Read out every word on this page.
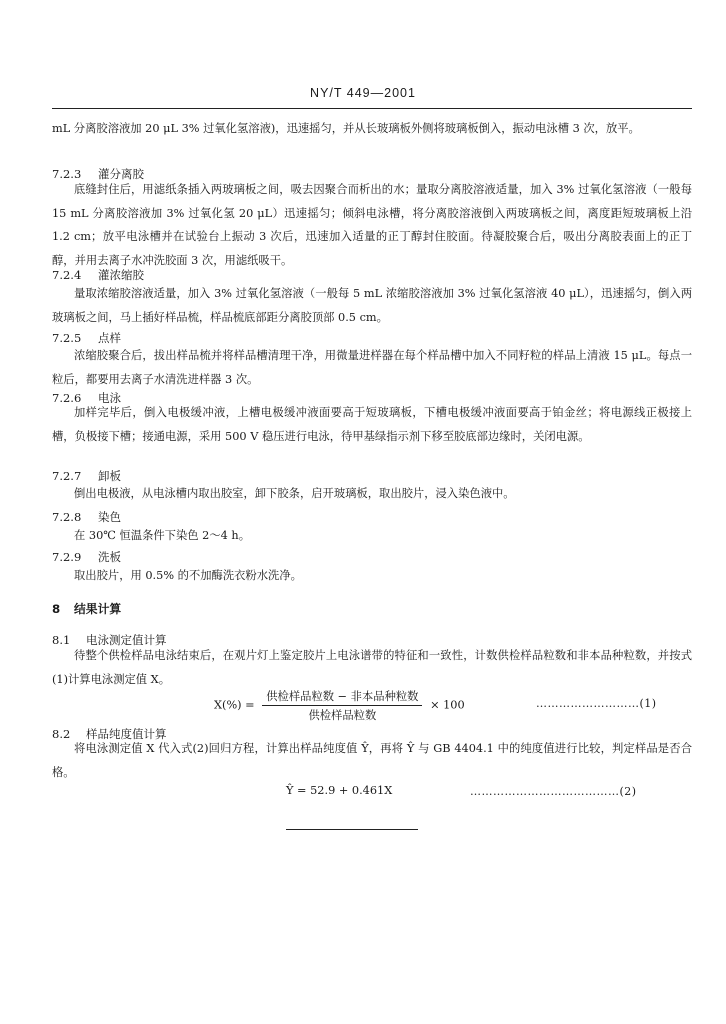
NY/T 449—2001
mL 分离胶溶液加 20 μL 3% 过氧化氢溶液)，迅速摇匀，并从长玻璃板外侧将玻璃板倒入，振动电泳槽 3 次，放平。
7.2.3 灌分离胶
底缝封住后，用滤纸条插入两玻璃板之间，吸去因聚合而析出的水；量取分离胶溶液适量，加入 3% 过氧化氢溶液（一般每 15 mL 分离胶溶液加 3% 过氧化氢 20 μL）迅速摇匀；倾斜电泳槽，将分离胶溶液倒入两玻璃板之间，离度距短玻璃板上沿 1.2 cm；放平电泳槽并在试验台上振动 3 次后，迅速加入适量的正丁醇封住胶面。待凝胶聚合后，吸出分离胶表面上的正丁醇，并用去离子水冲洗胶面 3 次，用滤纸吸干。
7.2.4 灌浓缩胶
量取浓缩胶溶液适量，加入 3% 过氧化氢溶液（一般每 5 mL 浓缩胶溶液加 3% 过氧化氢溶液 40 μL），迅速摇匀，倒入两玻璃板之间，马上插好样品梳，样品梳底部距分离胶顶部 0.5 cm。
7.2.5 点样
浓缩胶聚合后，拔出样品梳并将样品槽清理干净，用微量进样器在每个样品槽中加入不同籽粒的样品上清液 15 μL。每点一粒后，都要用去离子水清洗进样器 3 次。
7.2.6 电泳
加样完毕后，倒入电极缓冲液，上槽电极缓冲液面要高于短玻璃板，下槽电极缓冲液面要高于铂金丝；将电源线正极接上槽，负极接下槽；接通电源，采用 500 V 稳压进行电泳，待甲基绿指示剂下移至胶底部边缘时，关闭电源。
7.2.7 卸板
倒出电极液，从电泳槽内取出胶室，卸下胶条，启开玻璃板，取出胶片，浸入染色液中。
7.2.8 染色
在 30℃ 恒温条件下染色 2～4 h。
7.2.9 洗板
取出胶片，用 0.5% 的不加酶洗衣粉水洗净。
8 结果计算
8.1 电泳测定值计算
待整个供检样品电泳结束后，在观片灯上鉴定胶片上电泳谱带的特征和一致性，计数供检样品粒数和非本品种粒数，并按式(1)计算电泳测定值 X。
$X(\%) = \frac{\text{供检样品粒数 − 非本品种粒数}}{\text{供检样品粒数}} \times 100$	………………………(1)
8.2 样品纯度值计算
将电泳测定值 X 代入式(2)回归方程，计算出样品纯度值 Ŷ，再将 Ŷ 与 GB 4404.1 中的纯度值进行比较，判定样品是否合格。
Ŷ = 52.9 + 0.461X	…………………………………(2)
